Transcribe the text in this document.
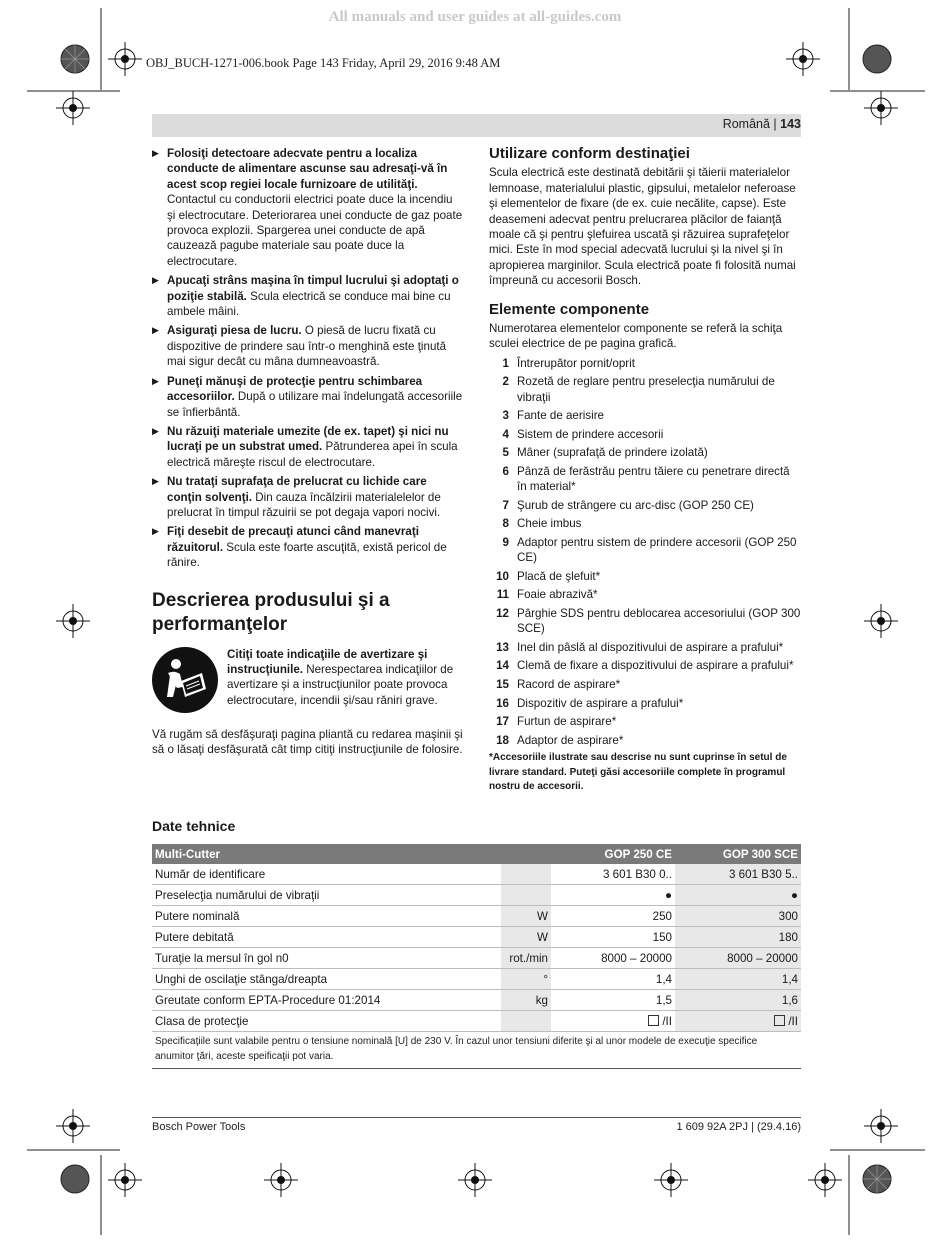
All manuals and user guides at all-guides.com
OBJ_BUCH-1271-006.book Page 143 Friday, April 29, 2016 9:48 AM
Română | 143
▶ Folosiţi detectoare adecvate pentru a localiza conducte de alimentare ascunse sau adresaţi-vă în acest scop regiei locale furnizoare de utilităţi. Contactul cu conductorii electrici poate duce la incendiu şi electrocutare. Deteriorarea unei conducte de gaz poate provoca explozii. Spargerea unei conducte de apă cauzează pagube materiale sau poate duce la electrocutare.
▶ Apucaţi strâns maşina în timpul lucrului şi adoptaţi o poziţie stabilă. Scula electrică se conduce mai bine cu ambele mâini.
▶ Asiguraţi piesa de lucru. O piesă de lucru fixată cu dispozitive de prindere sau într-o menghină este ţinută mai sigur decât cu mâna dumneavoastră.
▶ Puneţi mănuşi de protecţie pentru schimbarea accesoriilor. După o utilizare mai îndelungată accesoriile se înfierbântă.
▶ Nu răzuiţi materiale umezite (de ex. tapet) şi nici nu lucraţi pe un substrat umed. Pătrunderea apei în scula electrică măreşte riscul de electrocutare.
▶ Nu trataţi suprafaţa de prelucrat cu lichide care conţin solvenţi. Din cauza încălzirii materialelelor de prelucrat în timpul răzuirii se pot degaja vapori nocivi.
▶ Fiţi desebit de precauţi atunci când manevraţi răzuitorul. Scula este foarte ascuţită, există pericol de rănire.
Descrierea produsului şi a performanţelor
Citiţi toate indicaţiile de avertizare şi instrucţiunile. Nerespectarea indicaţiilor de avertizare şi a instrucţiunilor poate provoca electrocutare, incendii şi/sau răniri grave.
Vă rugăm să desfăşuraţi pagina pliantă cu redarea maşinii şi să o lăsaţi desfăşurată cât timp citiţi instrucţiunile de folosire.
Utilizare conform destinaţiei
Scula electrică este destinată debitării şi tăierii materialelor lemnoase, materialului plastic, gipsului, metalelor neferoase şi elementelor de fixare (de ex. cuie necălite, capse). Este deasemeni adecvat pentru prelucrarea plăcilor de faianţă moale că şi pentru şlefuirea uscată şi răzuirea suprafeţelor mici. Este în mod special adecvată lucrului şi la nivel şi în apropierea marginilor. Scula electrică poate fi folosită numai împreună cu accesorii Bosch.
Elemente componente
Numerotarea elementelor componente se referă la schiţa sculei electrice de pe pagina grafică.
1 Întrerupător pornit/oprit
2 Rozetă de reglare pentru preselecţia numărului de vibraţii
3 Fante de aerisire
4 Sistem de prindere accesorii
5 Mâner (suprafaţă de prindere izolată)
6 Pânză de ferăstrău pentru tăiere cu penetrare directă în material*
7 Şurub de strângere cu arc-disc (GOP 250 CE)
8 Cheie imbus
9 Adaptor pentru sistem de prindere accesorii (GOP 250 CE)
10 Placă de şlefuit*
11 Foaie abrazivă*
12 Pârghie SDS pentru deblocarea accesoriului (GOP 300 SCE)
13 Inel din pâslă al dispozitivului de aspirare a prafului*
14 Clemă de fixare a dispozitivului de aspirare a prafului*
15 Racord de aspirare*
16 Dispozitiv de aspirare a prafului*
17 Furtun de aspirare*
18 Adaptor de aspirare*
*Accesoriile ilustrate sau descrise nu sunt cuprinse în setul de livrare standard. Puteţi găsi accesoriile complete în programul nostru de accesorii.
Date tehnice
Multi-Cutter		GOP 250 CE	GOP 300 SCE
Număr de identificare		3 601 B30 0..	3 601 B30 5..
Preselecţia numărului de vibraţii		●	●
Putere nominală	W	250	300
Putere debitată	W	150	180
Turaţie la mersul în gol n0	rot./min	8000 – 20000	8000 – 20000
Unghi de oscilaţie stânga/dreapta	°	1,4	1,4
Greutate conform EPTA-Procedure 01:2014	kg	1,5	1,6
Clasa de protecţie		/II	/II
Specificaţiile sunt valabile pentru o tensiune nominală [U] de 230 V. În cazul unor tensiuni diferite şi al unor modele de execuţie specifice anumitor ţări, aceste speificaţii pot varia.
Bosch Power Tools	1 609 92A 2PJ | (29.4.16)
